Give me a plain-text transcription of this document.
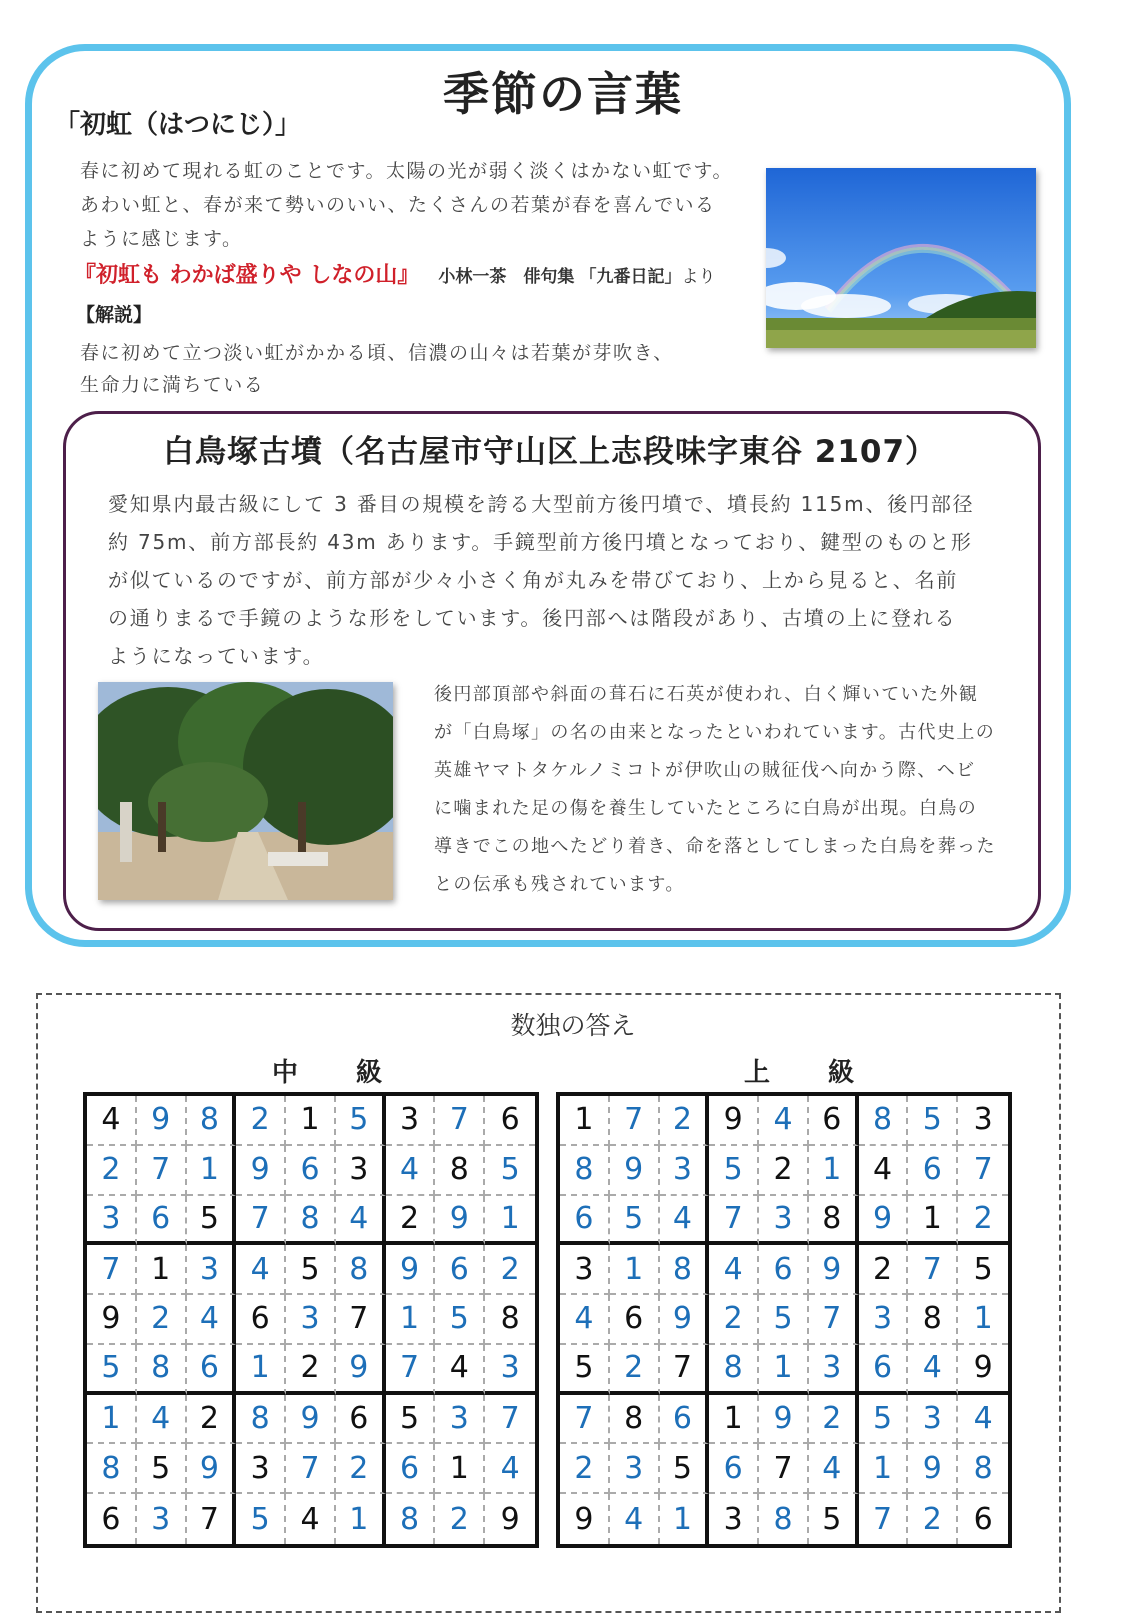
季節の言葉
「初虹（はつにじ）」
春に初めて現れる虹のことです。太陽の光が弱く淡くはかない虹です。
あわい虹と、春が来て勢いのいい、たくさんの若葉が春を喜んでいる
ように感じます。
『初虹も わかば盛りや しなの山』 小林一茶　俳句集 「九番日記」より
【解説】
春に初めて立つ淡い虹がかかる頃、信濃の山々は若葉が芽吹き、
生命力に満ちている
白鳥塚古墳（名古屋市守山区上志段味字東谷 2107）
愛知県内最古級にして 3 番目の規模を誇る大型前方後円墳で、墳長約 115m、後円部径
約 75m、前方部長約 43m あります。手鏡型前方後円墳となっており、鍵型のものと形
が似ているのですが、前方部が少々小さく角が丸みを帯びており、上から見ると、名前
の通りまるで手鏡のような形をしています。後円部へは階段があり、古墳の上に登れる
ようになっています。
後円部頂部や斜面の葺石に石英が使われ、白く輝いていた外観
が「白鳥塚」の名の由来となったといわれています。古代史上の
英雄ヤマトタケルノミコトが伊吹山の賊征伐へ向かう際、ヘビ
に噛まれた足の傷を養生していたところに白鳥が出現。白鳥の
導きでこの地へたどり着き、命を落としてしまった白鳥を葬った
との伝承も残されています。
数独の答え
中　級	上　級
4	9 8	2	1 5	3	7	6
2	7 1	9	6 3	4	8	5
3	6 5	7	8 4	2	9	1
7	1 3	4	5 8	9	6	2
9	2 4	6	3 7	1	5	8
5	8 6	1	2 9	7	4	3
1	4 2	8	9 6	5	3	7
8	5 9	3	7 2	6	1	4
6	3 7	5	4 1	8	2	9
1	7 2	9	4 6	8	5	3
8	9 3	5	2 1	4	6	7
6	5 4	7	3 8	9	1	2
3	1 8	4	6 9	2	7	5
4	6 9	2	5 7	3	8	1
5	2 7	8	1 3	6	4	9
7	8 6	1	9 2	5	3	4
2	3 5	6	7 4	1	9	8
9	4 1	3	8 5	7	2	6
